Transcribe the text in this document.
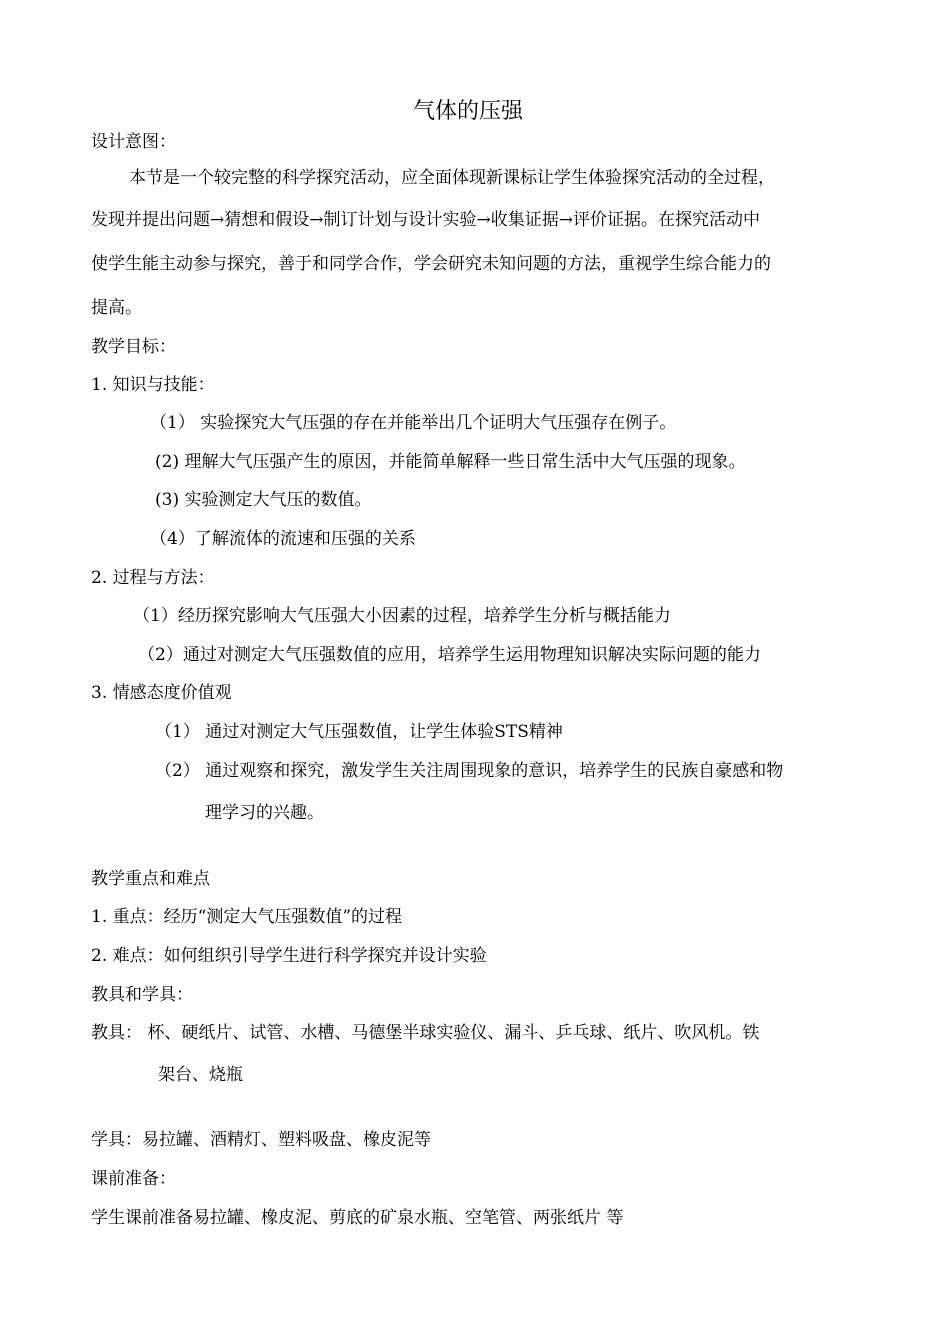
气体的压强
设计意图：
本节是一个较完整的科学探究活动，应全面体现新课标让学生体验探究活动的全过程，
发现并提出问题→猜想和假设→制订计划与设计实验→收集证据→评价证据。在探究活动中
使学生能主动参与探究，善于和同学合作，学会研究未知问题的方法，重视学生综合能力的
提高。
教学目标：
1. 知识与技能：
（1） 实验探究大气压强的存在并能举出几个证明大气压强存在例子。
(2) 理解大气压强产生的原因，并能简单解释一些日常生活中大气压强的现象。
(3) 实验测定大气压的数值。
（4）了解流体的流速和压强的关系
2. 过程与方法：
（1）经历探究影响大气压强大小因素的过程，培养学生分析与概括能力
（2）通过对测定大气压强数值的应用，培养学生运用物理知识解决实际问题的能力
3. 情感态度价值观
（1） 通过对测定大气压强数值，让学生体验STS精神
（2） 通过观察和探究，激发学生关注周围现象的意识，培养学生的民族自豪感和物
理学习的兴趣。
教学重点和难点
1. 重点：经历“测定大气压强数值”的过程
2. 难点：如何组织引导学生进行科学探究并设计实验
教具和学具：
教具： 杯、硬纸片、试管、水槽、马德堡半球实验仪、漏斗、乒乓球、纸片、吹风机。铁
架台、烧瓶
学具：易拉罐、酒精灯、塑料吸盘、橡皮泥等
课前准备：
学生课前准备易拉罐、橡皮泥、剪底的矿泉水瓶、空笔管、两张纸片 等
